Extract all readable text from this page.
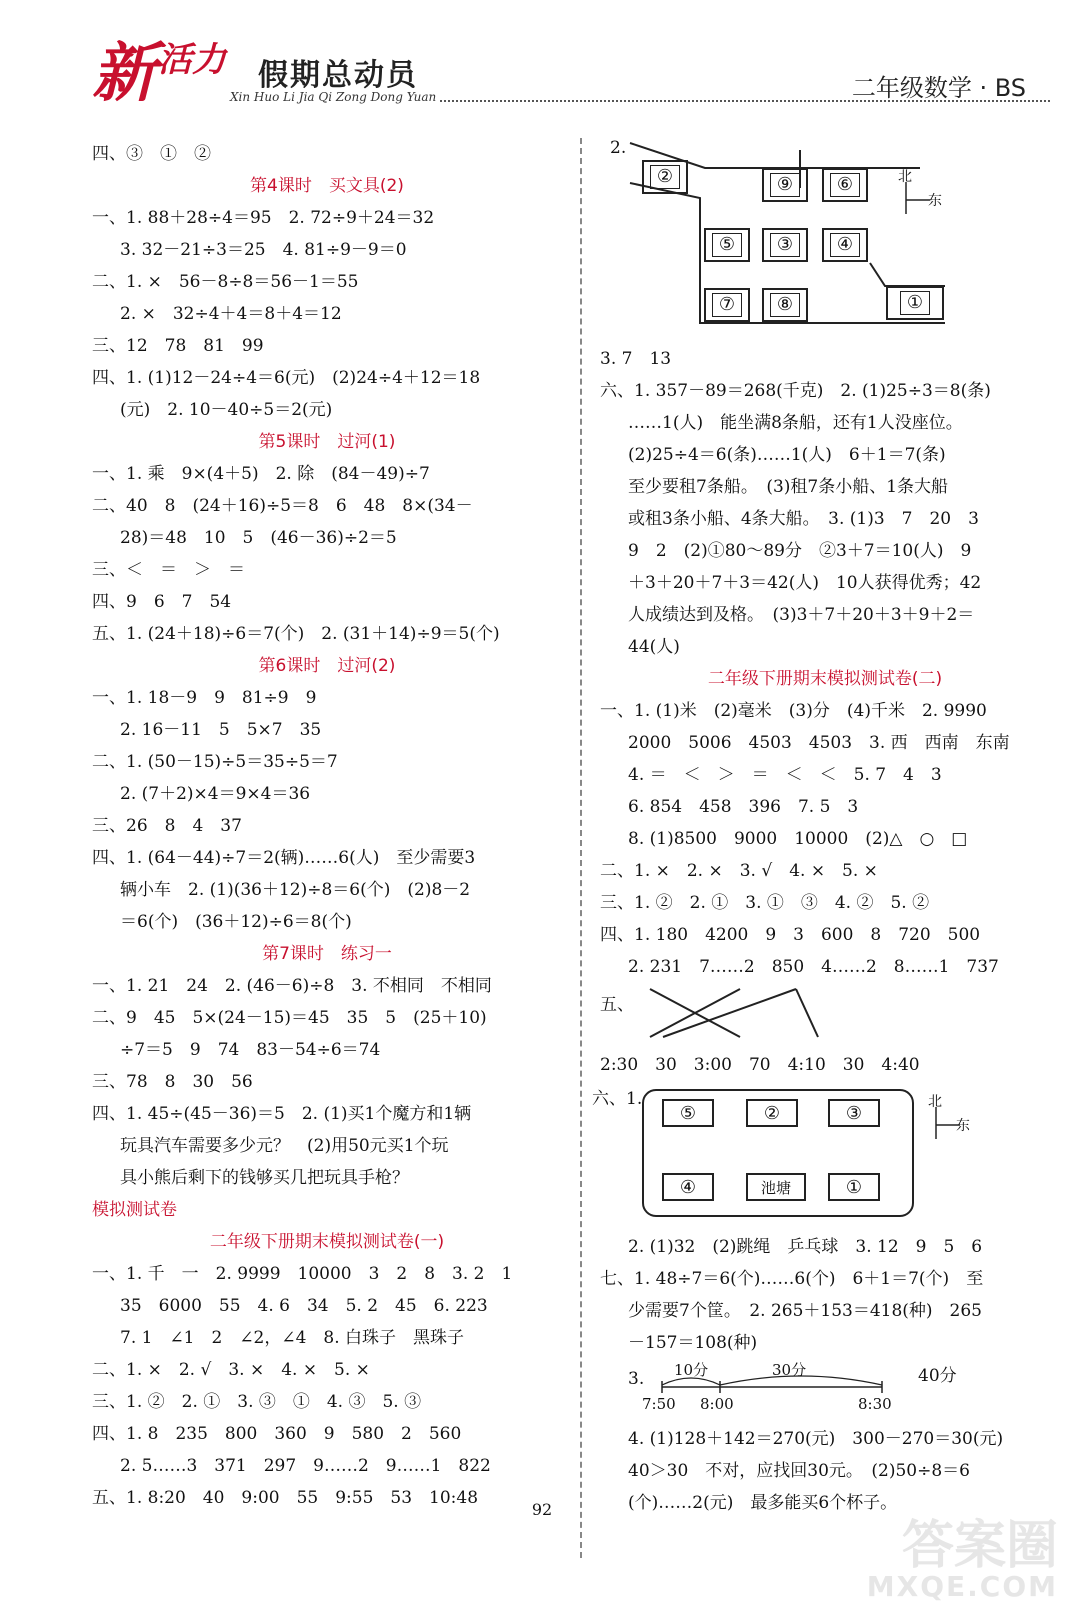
新 活力 假期总动员
Xin Huo Li Jia Qi Zong Dong Yuan	二年级数学 · BS
四、③　①　②
第4课时　买文具(2)
一、1. 88＋28÷4＝95　2. 72÷9＋24＝32
3. 32－21÷3＝25　4. 81÷9－9＝0
二、1. ×　56－8÷8＝56－1＝55
2. ×　32÷4＋4＝8＋4＝12
三、12　78　81　99
四、1. (1)12－24÷4＝6(元)　(2)24÷4＋12＝18
(元)　2. 10－40÷5＝2(元)
第5课时　过河(1)
一、1. 乘　9×(4＋5)　2. 除　(84－49)÷7
二、40　8　(24＋16)÷5＝8　6　48　8×(34－
28)＝48　10　5　(46－36)÷2＝5
三、＜　＝　＞　＝
四、9　6　7　54
五、1. (24＋18)÷6＝7(个)　2. (31＋14)÷9＝5(个)
第6课时　过河(2)
一、1. 18－9　9　81÷9　9
2. 16－11　5　5×7　35
二、1. (50－15)÷5＝35÷5＝7
2. (7＋2)×4＝9×4＝36
三、26　8　4　37
四、1. (64－44)÷7＝2(辆)……6(人)　至少需要3
辆小车　2. (1)(36＋12)÷8＝6(个)　(2)8－2
＝6(个)　(36＋12)÷6＝8(个)
第7课时　练习一
一、1. 21　24　2. (46－6)÷8　3. 不相同　不相同
二、9　45　5×(24－15)＝45　35　5　(25＋10)
÷7＝5　9　74　83－54÷6＝74
三、78　8　30　56
四、1. 45÷(45－36)＝5　2. (1)买1个魔方和1辆
玩具汽车需要多少元？　(2)用50元买1个玩
具小熊后剩下的钱够买几把玩具手枪？
模拟测试卷
二年级下册期末模拟测试卷(一)
一、1. 千　一　2. 9999　10000　3　2　8　3. 2　1
35　6000　55　4. 6　34　5. 2　45　6. 223
7. 1　∠1　2　∠2，∠4　8. 白珠子　黑珠子
二、1. ×　2. √　3. ×　4. ×　5. ×
三、1. ②　2. ①　3. ③　①　4. ③　5. ③
四、1. 8　235　800　360　9　580　2　560
2. 5……3　371　297　9……2　9……1　822
五、1. 8:20　40　9:00　55　9:55　53　10:48
2.
②	⑨	⑥
⑤	③	④
⑦	⑧	①
北
东
3. 7　13
六、1. 357－89＝268(千克)　2. (1)25÷3＝8(条)
……1(人)　能坐满8条船，还有1人没座位。
(2)25÷4＝6(条)……1(人)　6＋1＝7(条)
至少要租7条船。　(3)租7条小船、1条大船
或租3条小船、4条大船。　3. (1)3　7　20　3
9　2　(2)①80～89分　②3＋7＝10(人)　9
＋3＋20＋7＋3＝42(人)　10人获得优秀；42
人成绩达到及格。　(3)3＋7＋20＋3＋9＋2＝
44(人)
二年级下册期末模拟测试卷(二)
一、1. (1)米　(2)毫米　(3)分　(4)千米　2. 9990
2000　5006　4503　4503　3. 西　西南　东南
4. ＝　＜　＞　＝　＜　＜　5. 7　4　3
6. 854　458　396　7. 5　3
8. (1)8500　9000　10000　(2)△　○　□
二、1. ×　2. ×　3. √　4. ×　5. ×
三、1. ②　2. ①　3. ①　③　4. ②　5. ②
四、1. 180　4200　9　3　600　8　720　500
2. 231　7……2　850　4……2　8……1　737
五、
2:30　30　3:00　70　4:10　30　4:40
六、1.
⑤	②	③
④	池塘	①
北
东
2. (1)32　(2)跳绳　乒乓球　3. 12　9　5　6
七、1. 48÷7＝6(个)……6(个)　6＋1＝7(个)　至
少需要7个筐。　2. 265＋153＝418(种)　265
－157＝108(种)
3. 10分	30分	40分
7:50 8:00	8:30
4. (1)128＋142＝270(元)　300－270＝30(元)
40＞30　不对，应找回30元。　(2)50÷8＝6
(个)……2(元)　最多能买6个杯子。
92
答案圈
MXQE.COM
